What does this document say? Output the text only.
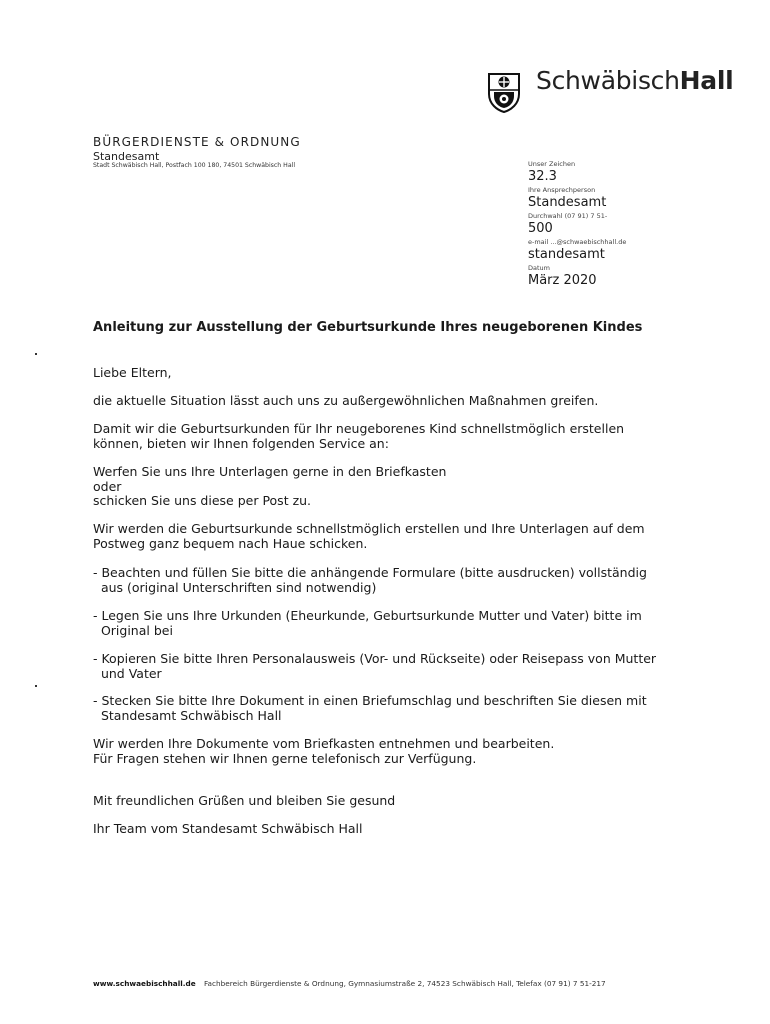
SchwäbischHall
BÜRGERDIENSTE & ORDNUNG
Standesamt
Stadt Schwäbisch Hall, Postfach 100 180, 74501 Schwäbisch Hall	Unser Zeichen
32.3
Ihre Ansprechperson
Standesamt
Durchwahl (07 91) 7 51-
500
e-mail ...@schwaebischhall.de
standesamt
Datum
März 2020
Anleitung zur Ausstellung der Geburtsurkunde Ihres neugeborenen Kindes
Liebe Eltern,
die aktuelle Situation lässt auch uns zu außergewöhnlichen Maßnahmen greifen.
Damit wir die Geburtsurkunden für Ihr neugeborenes Kind schnellstmöglich erstellen
können, bieten wir Ihnen folgenden Service an:
Werfen Sie uns Ihre Unterlagen gerne in den Briefkasten
oder
schicken Sie uns diese per Post zu.
Wir werden die Geburtsurkunde schnellstmöglich erstellen und Ihre Unterlagen auf dem
Postweg ganz bequem nach Haue schicken.
- Beachten und füllen Sie bitte die anhängende Formulare (bitte ausdrucken) vollständig
aus (original Unterschriften sind notwendig)
- Legen Sie uns Ihre Urkunden (Eheurkunde, Geburtsurkunde Mutter und Vater) bitte im
Original bei
- Kopieren Sie bitte Ihren Personalausweis (Vor- und Rückseite) oder Reisepass von Mutter
und Vater
- Stecken Sie bitte Ihre Dokument in einen Briefumschlag und beschriften Sie diesen mit
Standesamt Schwäbisch Hall
Wir werden Ihre Dokumente vom Briefkasten entnehmen und bearbeiten.
Für Fragen stehen wir Ihnen gerne telefonisch zur Verfügung.
Mit freundlichen Grüßen und bleiben Sie gesund
Ihr Team vom Standesamt Schwäbisch Hall
www.schwaebischhall.de Fachbereich Bürgerdienste & Ordnung, Gymnasiumstraße 2, 74523 Schwäbisch Hall, Telefax (07 91) 7 51-217
